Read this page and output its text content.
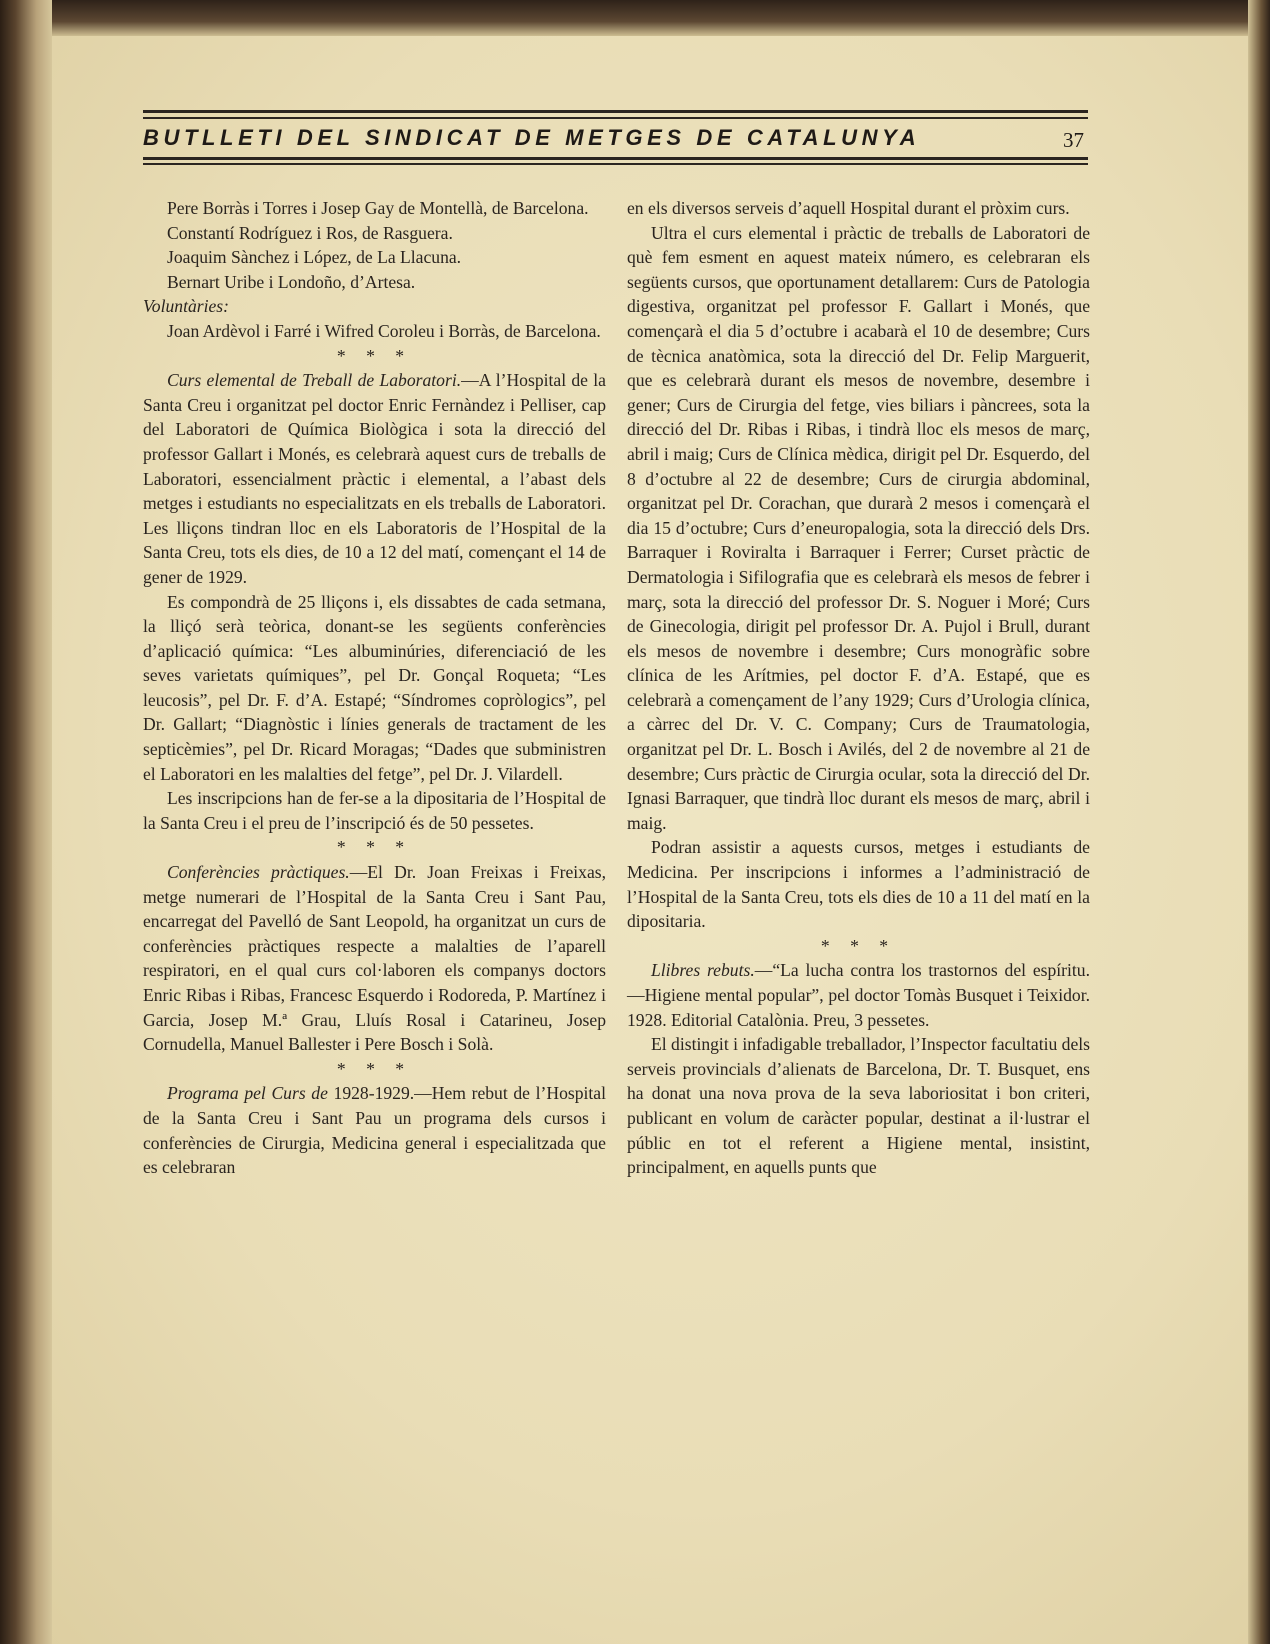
BUTLLETI DEL SINDICAT DE METGES DE CATALUNYA	37

Pere Borràs i Torres i Josep Gay de Montellà, de Barcelona.

Constantí Rodríguez i Ros, de Rasguera.

Joaquim Sànchez i López, de La Llacuna.

Bernart Uribe i Londoño, d’Artesa.

Voluntàries:

Joan Ardèvol i Farré i Wifred Coroleu i Borràs, de Barcelona.

* * *

Curs elemental de Treball de Laboratori.—A l’Hospital de la Santa Creu i organitzat pel doctor Enric Fernàndez i Pelliser, cap del Laboratori de Química Biològica i sota la direcció del professor Gallart i Monés, es celebrarà aquest curs de treballs de Laboratori, essencialment pràctic i elemental, a l’abast dels metges i estudiants no especialitzats en els treballs de Laboratori. Les lliçons tindran lloc en els Laboratoris de l’Hospital de la Santa Creu, tots els dies, de 10 a 12 del matí, començant el 14 de gener de 1929.

Es compondrà de 25 lliçons i, els dissabtes de cada setmana, la lliçó serà teòrica, donant-se les següents conferències d’aplicació química: “Les albuminúries, diferenciació de les seves varietats químiques”, pel Dr. Gonçal Roqueta; “Les leucosis”, pel Dr. F. d’A. Estapé; “Síndromes copròlogics”, pel Dr. Gallart; “Diagnòstic i línies generals de tractament de les septicèmies”, pel Dr. Ricard Moragas; “Dades que subministren el Laboratori en les malalties del fetge”, pel Dr. J. Vilardell.

Les inscripcions han de fer-se a la dipositaria de l’Hospital de la Santa Creu i el preu de l’inscripció és de 50 pessetes.

* * *

Conferències pràctiques.—El Dr. Joan Freixas i Freixas, metge numerari de l’Hospital de la Santa Creu i Sant Pau, encarregat del Pavelló de Sant Leopold, ha organitzat un curs de conferències pràctiques respecte a malalties de l’aparell respiratori, en el qual curs col·laboren els companys doctors Enric Ribas i Ribas, Francesc Esquerdo i Rodoreda, P. Martínez i Garcia, Josep M.ª Grau, Lluís Rosal i Catarineu, Josep Cornudella, Manuel Ballester i Pere Bosch i Solà.

* * *

Programa pel Curs de 1928-1929.—Hem rebut de l’Hospital de la Santa Creu i Sant Pau un programa dels cursos i conferències de Cirurgia, Medicina general i especialitzada que es celebraran

en els diversos serveis d’aquell Hospital durant el pròxim curs.

Ultra el curs elemental i pràctic de treballs de Laboratori de què fem esment en aquest mateix número, es celebraran els següents cursos, que oportunament detallarem: Curs de Patologia digestiva, organitzat pel professor F. Gallart i Monés, que començarà el dia 5 d’octubre i acabarà el 10 de desembre; Curs de tècnica anatòmica, sota la direcció del Dr. Felip Marguerit, que es celebrarà durant els mesos de novembre, desembre i gener; Curs de Cirurgia del fetge, vies biliars i pàncrees, sota la direcció del Dr. Ribas i Ribas, i tindrà lloc els mesos de març, abril i maig; Curs de Clínica mèdica, dirigit pel Dr. Esquerdo, del 8 d’octubre al 22 de desembre; Curs de cirurgia abdominal, organitzat pel Dr. Corachan, que durarà 2 mesos i començarà el dia 15 d’octubre; Curs d’eneuropalogia, sota la direcció dels Drs. Barraquer i Roviralta i Barraquer i Ferrer; Curset pràctic de Dermatologia i Sifilografia que es celebrarà els mesos de febrer i març, sota la direcció del professor Dr. S. Noguer i Moré; Curs de Ginecologia, dirigit pel professor Dr. A. Pujol i Brull, durant els mesos de novembre i desembre; Curs monogràfic sobre clínica de les Arítmies, pel doctor F. d’A. Estapé, que es celebrarà a començament de l’any 1929; Curs d’Urologia clínica, a càrrec del Dr. V. C. Company; Curs de Traumatologia, organitzat pel Dr. L. Bosch i Avilés, del 2 de novembre al 21 de desembre; Curs pràctic de Cirurgia ocular, sota la direcció del Dr. Ignasi Barraquer, que tindrà lloc durant els mesos de març, abril i maig.

Podran assistir a aquests cursos, metges i estudiants de Medicina. Per inscripcions i informes a l’administració de l’Hospital de la Santa Creu, tots els dies de 10 a 11 del matí en la dipositaria.

* * *

Llibres rebuts.—“La lucha contra los trastornos del espíritu.—Higiene mental popular”, pel doctor Tomàs Busquet i Teixidor. 1928. Editorial Catalònia. Preu, 3 pessetes.

El distingit i infadigable treballador, l’Inspector facultatiu dels serveis provincials d’alienats de Barcelona, Dr. T. Busquet, ens ha donat una nova prova de la seva laboriositat i bon criteri, publicant en volum de caràcter popular, destinat a il·lustrar el públic en tot el referent a Higiene mental, insistint, principalment, en aquells punts que
